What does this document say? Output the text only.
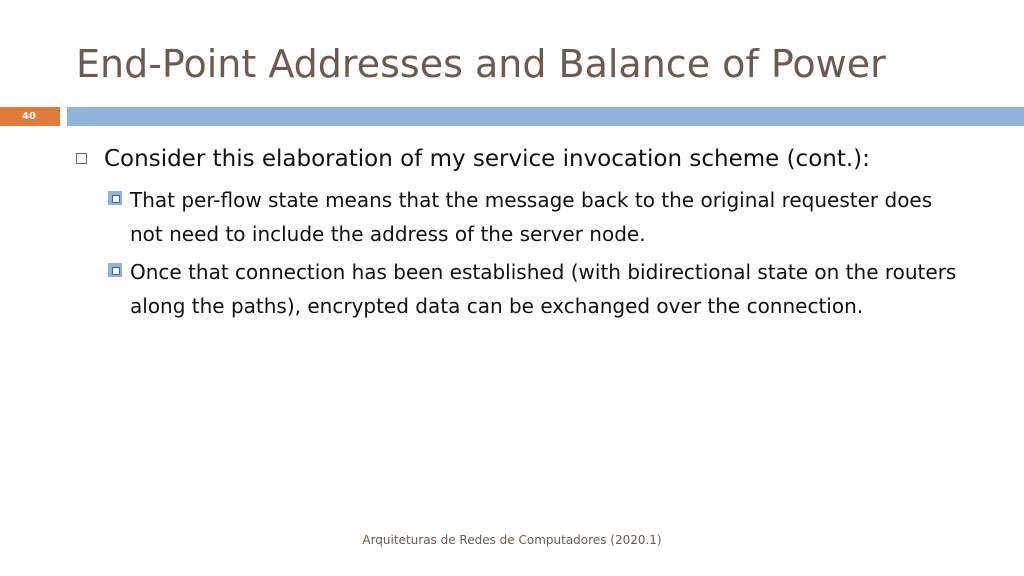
End-Point Addresses and Balance of Power
40
Consider this elaboration of my service invocation scheme (cont.):
That per-flow state means that the message back to the original requester does not need to include the address of the server node.
Once that connection has been established (with bidirectional state on the routers along the paths), encrypted data can be exchanged over the connection.
Arquiteturas de Redes de Computadores (2020.1)
